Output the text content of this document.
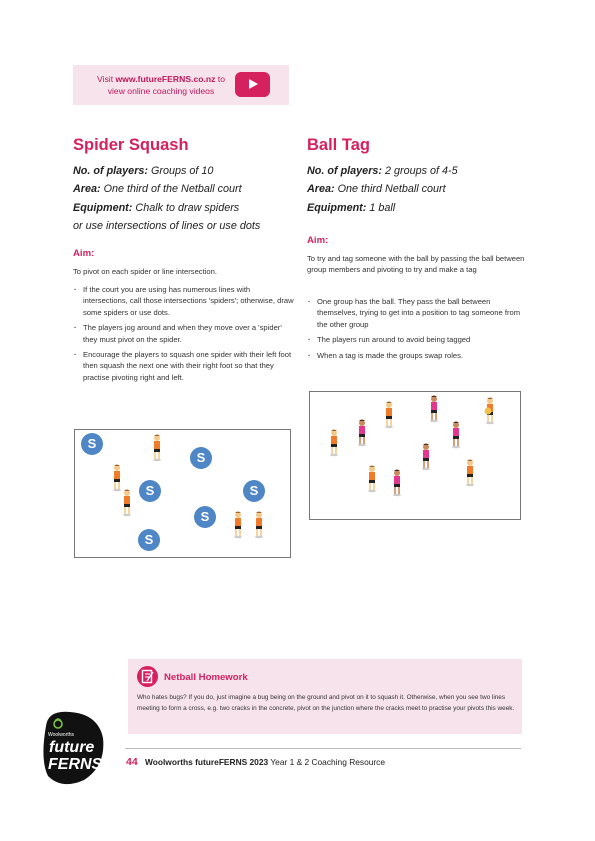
Visit www.futureFERNS.co.nz to
view online coaching videos
Spider Squash
No. of players: Groups of 10
Area: One third of the Netball court
Equipment: Chalk to draw spiders
or use intersections of lines or use dots
Aim:
To pivot on each spider or line intersection.
· If the court you are using has numerous lines with intersections, call those intersections 'spiders'; otherwise, draw some spiders or use dots.
· The players jog around and when they move over a 'spider' they must pivot on the spider.
· Encourage the players to squash one spider with their left foot then squash the next one with their right foot so that they practise pivoting right and left.
S
S
S	S
S
S
Ball Tag
No. of players: 2 groups of 4-5
Area: One third Netball court
Equipment: 1 ball
Aim:
To try and tag someone with the ball by passing the ball between group members and pivoting to try and make a tag
· One group has the ball. They pass the ball between themselves, trying to get into a position to tag someone from the other group
· The players run around to avoid being tagged
· When a tag is made the groups swap roles.
Netball Homework
Who hates bugs? If you do, just imagine a bug being on the ground and pivot on it to squash it. Otherwise, when you see two lines meeting to form a cross, e.g. two cracks in the concrete, pivot on the junction where the cracks meet to practise your pivots this week.
Woolworths
future
FERNS 44 Woolworths futureFERNS 2023 Year 1 & 2 Coaching Resource
